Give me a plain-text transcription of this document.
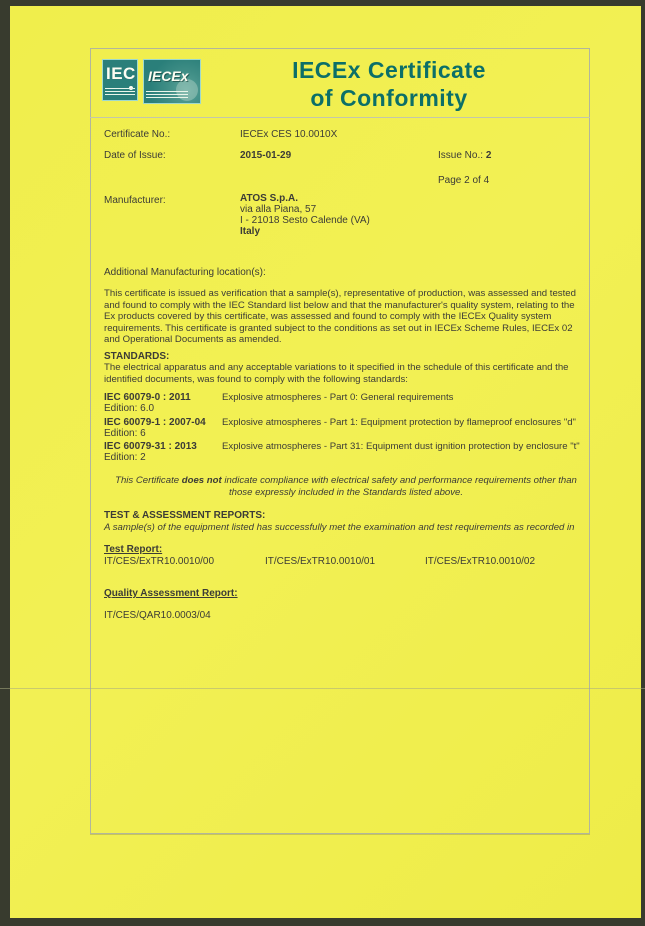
IEC IECEx	IECEx Certificate
of Conformity
Certificate No.:	IECEx CES 10.0010X
Date of Issue:	2015-01-29	Issue No.: 2
Page 2 of 4
Manufacturer:	ATOS S.p.A.
via alla Piana, 57
I - 21018 Sesto Calende (VA)
Italy
Additional Manufacturing location(s):
This certificate is issued as verification that a sample(s), representative of production, was assessed and tested and found to comply with the IEC Standard list below and that the manufacturer's quality system, relating to the Ex products covered by this certificate, was assessed and found to comply with the IECEx Quality system requirements. This certificate is granted subject to the conditions as set out in IECEx Scheme Rules, IECEx 02 and Operational Documents as amended.
STANDARDS:
The electrical apparatus and any acceptable variations to it specified in the schedule of this certificate and the identified documents, was found to comply with the following standards:
IEC 60079-0 : 2011
Edition: 6.0
Explosive atmospheres - Part 0: General requirements
IEC 60079-1 : 2007-04
Edition: 6
Explosive atmospheres - Part 1: Equipment protection by flameproof enclosures "d"
IEC 60079-31 : 2013
Edition: 2
Explosive atmospheres - Part 31: Equipment dust ignition protection by enclosure "t"
This Certificate does not indicate compliance with electrical safety and performance requirements other than those expressly included in the Standards listed above.
TEST & ASSESSMENT REPORTS:
A sample(s) of the equipment listed has successfully met the examination and test requirements as recorded in
Test Report:
IT/CES/ExTR10.0010/00	IT/CES/ExTR10.0010/01	IT/CES/ExTR10.0010/02
Quality Assessment Report:
IT/CES/QAR10.0003/04
